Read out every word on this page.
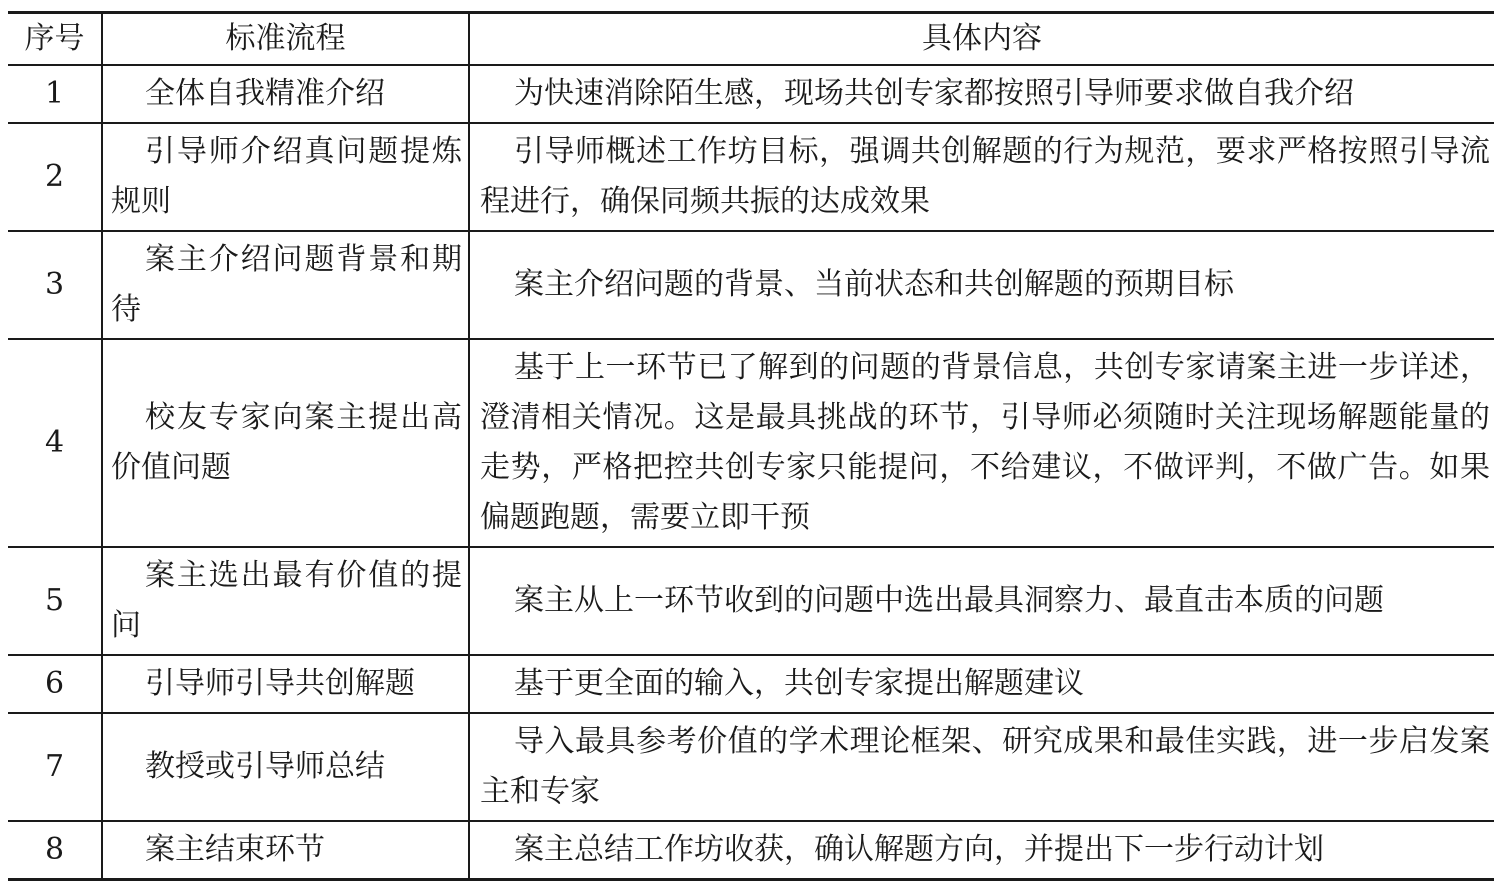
序号	标准流程	具体内容
1	全体自我精准介绍	为快速消除陌生感，现场共创专家都按照引导师要求做自我介绍
2	引导师介绍真问题提炼规则	引导师概述工作坊目标，强调共创解题的行为规范，要求严格按照引导流程进行，确保同频共振的达成效果
3	案主介绍问题背景和期待	案主介绍问题的背景、当前状态和共创解题的预期目标
4	校友专家向案主提出高价值问题	基于上一环节已了解到的问题的背景信息，共创专家请案主进一步详述，澄清相关情况。这是最具挑战的环节，引导师必须随时关注现场解题能量的走势，严格把控共创专家只能提问，不给建议，不做评判，不做广告。如果偏题跑题，需要立即干预
5	案主选出最有价值的提问	案主从上一环节收到的问题中选出最具洞察力、最直击本质的问题
6	引导师引导共创解题	基于更全面的输入，共创专家提出解题建议
7	教授或引导师总结	导入最具参考价值的学术理论框架、研究成果和最佳实践，进一步启发案主和专家
8	案主结束环节	案主总结工作坊收获，确认解题方向，并提出下一步行动计划
